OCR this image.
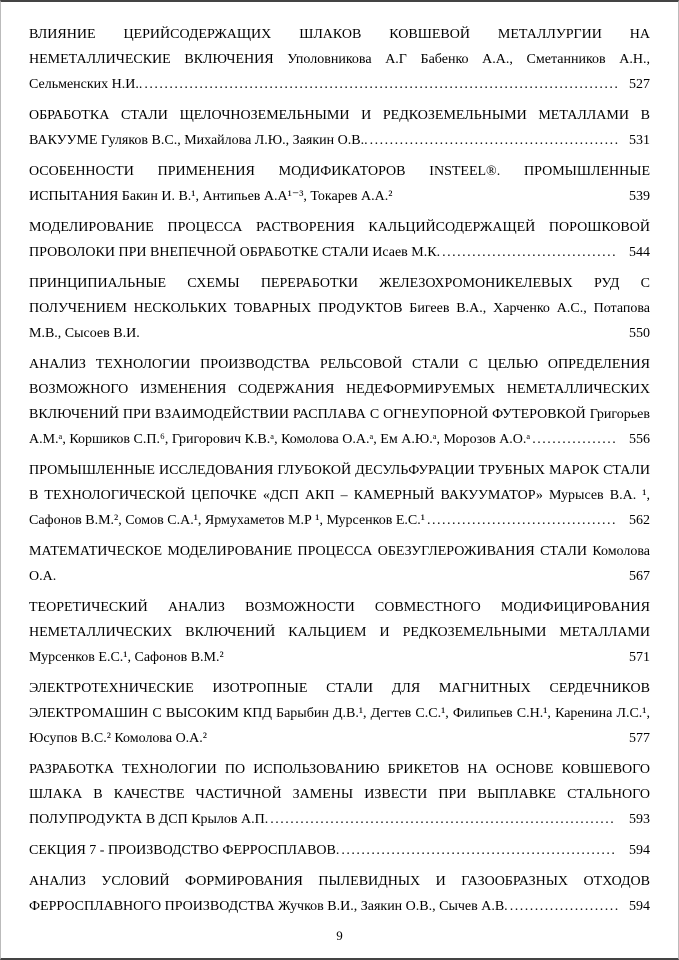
ВЛИЯНИЕ ЦЕРИЙСОДЕРЖАЩИХ ШЛАКОВ КОВШЕВОЙ МЕТАЛЛУРГИИ НА НЕМЕТАЛЛИЧЕСКИЕ ВКЛЮЧЕНИЯ Уполовникова А.Г Бабенко А.А., Сметанников А.Н., Сельменских Н.И.. ............................................................................................... 527

ОБРАБОТКА СТАЛИ ЩЕЛОЧНОЗЕМЕЛЬНЫМИ И РЕДКОЗЕМЕЛЬНЫМИ МЕТАЛЛАМИ В ВАКУУМЕ Гуляков В.С., Михайлова Л.Ю., Заякин О.В.. .................................................. 531

ОСОБЕННОСТИ ПРИМЕНЕНИЯ МОДИФИКАТОРОВ INSTEEL®. ПРОМЫШЛЕННЫЕ ИСПЫТАНИЯ Бакин И. В.¹, Антипьев А.А¹⁻³, Токарев А.А.²	539

МОДЕЛИРОВАНИЕ ПРОЦЕССА РАСТВОРЕНИЯ КАЛЬЦИЙСОДЕРЖАЩЕЙ ПОРОШКОВОЙ ПРОВОЛОКИ ПРИ ВНЕПЕЧНОЙ ОБРАБОТКЕ СТАЛИ Исаев М.К. ................................... 544

ПРИНЦИПИАЛЬНЫЕ СХЕМЫ ПЕРЕРАБОТКИ ЖЕЛЕЗОХРОМОНИКЕЛЕВЫХ РУД С ПОЛУЧЕНИЕМ НЕСКОЛЬКИХ ТОВАРНЫХ ПРОДУКТОВ Бигеев В.А., Харченко А.С., Потапова М.В., Сысоев В.И.	550

АНАЛИЗ ТЕХНОЛОГИИ ПРОИЗВОДСТВА РЕЛЬСОВОЙ СТАЛИ С ЦЕЛЬЮ ОПРЕДЕЛЕНИЯ ВОЗМОЖНОГО ИЗМЕНЕНИЯ СОДЕРЖАНИЯ НЕДЕФОРМИРУЕМЫХ НЕМЕТАЛЛИЧЕСКИХ ВКЛЮЧЕНИЙ ПРИ ВЗАИМОДЕЙСТВИИ РАСПЛАВА С ОГНЕУПОРНОЙ ФУТЕРОВКОЙ Григорьев А.М.ᵃ, Коршиков С.П.⁶, Григорович К.В.ᵃ, Комолова О.А.ᵃ, Ем А.Ю.ᵃ, Морозов А.О.ᵃ ................. 556

ПРОМЫШЛЕННЫЕ ИССЛЕДОВАНИЯ ГЛУБОКОЙ ДЕСУЛЬФУРАЦИИ ТРУБНЫХ МАРОК СТАЛИ В ТЕХНОЛОГИЧЕСКОЙ ЦЕПОЧКЕ «ДСП АКП – КАМЕРНЫЙ ВАКУУМАТОР» Мурысев В.А. ¹, Сафонов В.М.², Сомов С.А.¹, Ярмухаметов М.Р ¹, Мурсенков Е.С.¹ ...................................... 562

МАТЕМАТИЧЕСКОЕ МОДЕЛИРОВАНИЕ ПРОЦЕССА ОБЕЗУГЛЕРОЖИВАНИЯ СТАЛИ Комолова О.А.	567

ТЕОРЕТИЧЕСКИЙ АНАЛИЗ ВОЗМОЖНОСТИ СОВМЕСТНОГО МОДИФИЦИРОВАНИЯ НЕМЕТАЛЛИЧЕСКИХ ВКЛЮЧЕНИЙ КАЛЬЦИЕМ И РЕДКОЗЕМЕЛЬНЫМИ МЕТАЛЛАМИ Мурсенков Е.С.¹, Сафонов В.М.²	571

ЭЛЕКТРОТЕХНИЧЕСКИЕ ИЗОТРОПНЫЕ СТАЛИ ДЛЯ МАГНИТНЫХ СЕРДЕЧНИКОВ ЭЛЕКТРОМАШИН С ВЫСОКИМ КПД Барыбин Д.В.¹, Дегтев С.С.¹, Филипьев С.Н.¹, Каренина Л.С.¹, Юсупов В.С.² Комолова О.А.²	577

РАЗРАБОТКА ТЕХНОЛОГИИ ПО ИСПОЛЬЗОВАНИЮ БРИКЕТОВ НА ОСНОВЕ КОВШЕВОГО ШЛАКА В КАЧЕСТВЕ ЧАСТИЧНОЙ ЗАМЕНЫ ИЗВЕСТИ ПРИ ВЫПЛАВКЕ СТАЛЬНОГО ПОЛУПРОДУКТА В ДСП Крылов А.П. ..................................................................... 593

СЕКЦИЯ 7 - ПРОИЗВОДСТВО ФЕРРОСПЛАВОВ. ....................................................... 594

АНАЛИЗ УСЛОВИЙ ФОРМИРОВАНИЯ ПЫЛЕВИДНЫХ И ГАЗООБРАЗНЫХ ОТХОДОВ ФЕРРОСПЛАВНОГО ПРОИЗВОДСТВА Жучков В.И., Заякин О.В., Сычев А.В. ...................... 594

9
